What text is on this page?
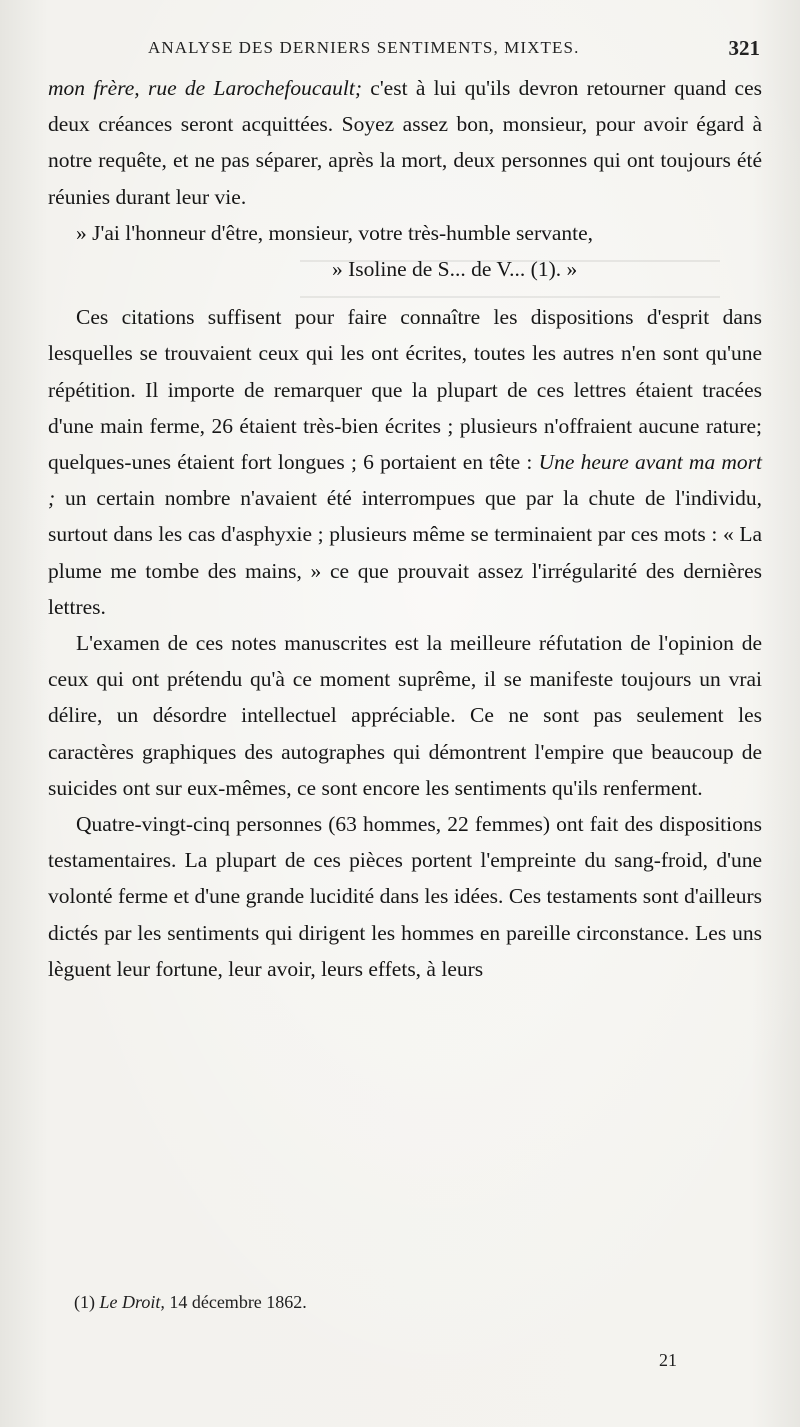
ANALYSE DES DERNIERS SENTIMENTS, MIXTES.	321

mon frère, rue de Larochefoucault; c'est à lui qu'ils devron retourner quand ces deux créances seront acquittées. Soyez assez bon, monsieur, pour avoir égard à notre requête, et ne pas séparer, après la mort, deux personnes qui ont toujours été réunies durant leur vie.

» J'ai l'honneur d'être, monsieur, votre très-humble servante,

» Isoline de S... de V... (1). »

Ces citations suffisent pour faire connaître les dispositions d'esprit dans lesquelles se trouvaient ceux qui les ont écrites, toutes les autres n'en sont qu'une répétition. Il importe de remarquer que la plupart de ces lettres étaient tracées d'une main ferme, 26 étaient très-bien écrites ; plusieurs n'offraient aucune rature; quelques-unes étaient fort longues ; 6 portaient en tête : Une heure avant ma mort ; un certain nombre n'avaient été interrompues que par la chute de l'individu, surtout dans les cas d'asphyxie ; plusieurs même se terminaient par ces mots : « La plume me tombe des mains, » ce que prouvait assez l'irrégularité des dernières lettres.

L'examen de ces notes manuscrites est la meilleure réfutation de l'opinion de ceux qui ont prétendu qu'à ce moment suprême, il se manifeste toujours un vrai délire, un désordre intellectuel appréciable. Ce ne sont pas seulement les caractères graphiques des autographes qui démontrent l'empire que beaucoup de suicides ont sur eux-mêmes, ce sont encore les sentiments qu'ils renferment.

Quatre-vingt-cinq personnes (63 hommes, 22 femmes) ont fait des dispositions testamentaires. La plupart de ces pièces portent l'empreinte du sang-froid, d'une volonté ferme et d'une grande lucidité dans les idées. Ces testaments sont d'ailleurs dictés par les sentiments qui dirigent les hommes en pareille circonstance. Les uns lèguent leur fortune, leur avoir, leurs effets, à leurs

(1) Le Droit, 14 décembre 1862.
21
